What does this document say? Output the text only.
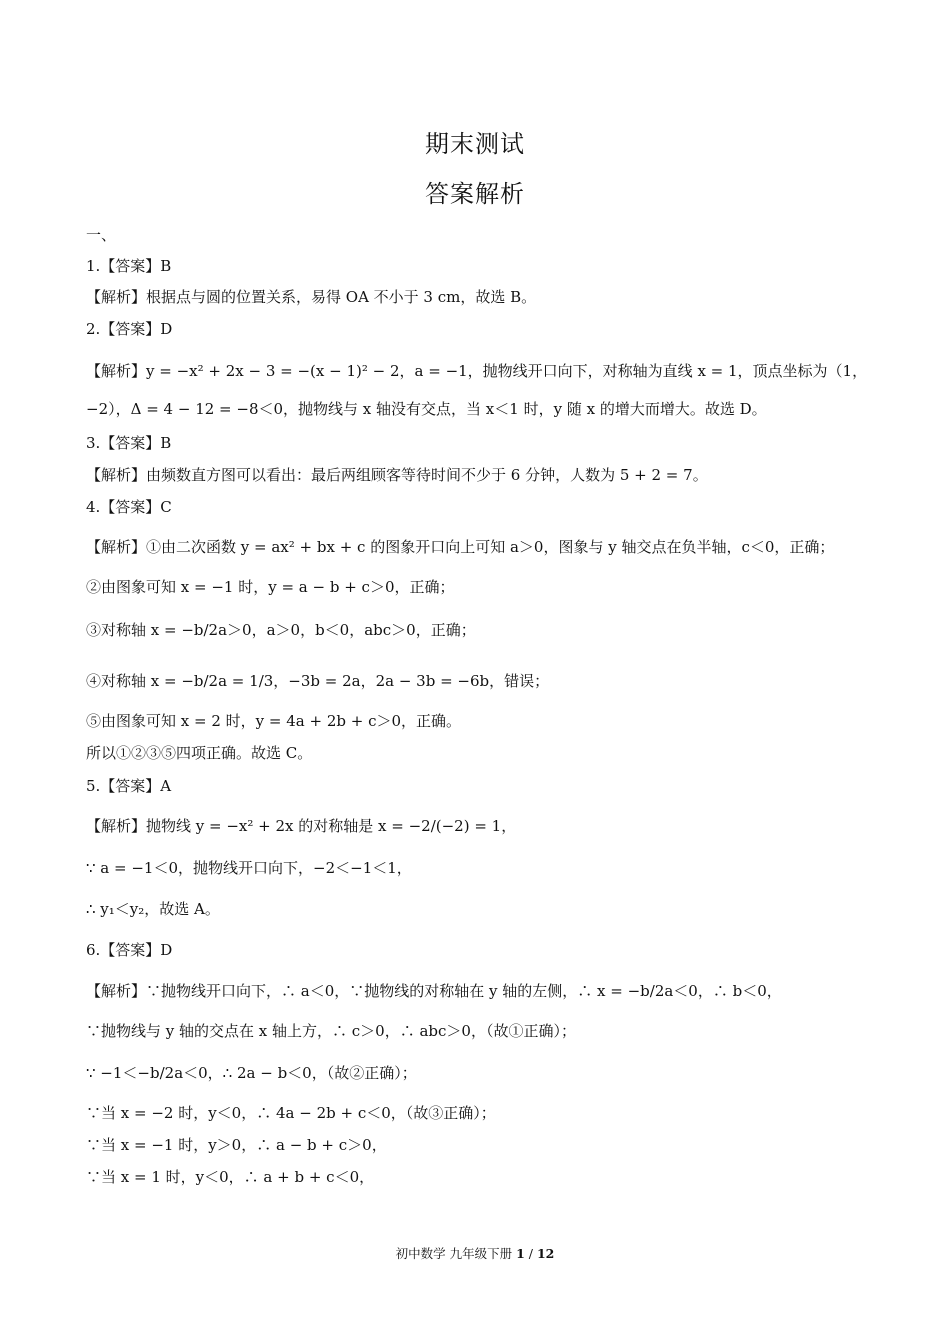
期末测试
答案解析
一、
1.【答案】B
【解析】根据点与圆的位置关系，易得 OA 不小于 3 cm，故选 B。
2.【答案】D
【解析】y = −x² + 2x − 3 = −(x − 1)² − 2，a = −1，抛物线开口向下，对称轴为直线 x = 1，顶点坐标为（1，
−2），Δ = 4 − 12 = −8＜0，抛物线与 x 轴没有交点，当 x＜1 时，y 随 x 的增大而增大。故选 D。
3.【答案】B
【解析】由频数直方图可以看出：最后两组顾客等待时间不少于 6 分钟，人数为 5 + 2 = 7。
4.【答案】C
【解析】①由二次函数 y = ax² + bx + c 的图象开口向上可知 a＞0，图象与 y 轴交点在负半轴，c＜0，正确；
②由图象可知 x = −1 时，y = a − b + c＞0，正确；
③对称轴 x = −b/2a＞0，a＞0，b＜0，abc＞0，正确；
④对称轴 x = −b/2a = 1/3，−3b = 2a，2a − 3b = −6b，错误；
⑤由图象可知 x = 2 时，y = 4a + 2b + c＞0，正确。
所以①②③⑤四项正确。故选 C。
5.【答案】A
【解析】抛物线 y = −x² + 2x 的对称轴是 x = −2/(−2) = 1，
∵ a = −1＜0，抛物线开口向下，−2＜−1＜1，
∴ y₁＜y₂，故选 A。
6.【答案】D
【解析】∵抛物线开口向下，∴ a＜0，∵抛物线的对称轴在 y 轴的左侧，∴ x = −b/2a＜0，∴ b＜0，
∵抛物线与 y 轴的交点在 x 轴上方，∴ c＞0，∴ abc＞0，（故①正确）；
∵ −1＜−b/2a＜0，∴ 2a − b＜0，（故②正确）；
∵当 x = −2 时，y＜0，∴ 4a − 2b + c＜0，（故③正确）；
∵当 x = −1 时，y＞0，∴ a − b + c＞0，
∵当 x = 1 时，y＜0，∴ a + b + c＜0，
初中数学 九年级下册 1 / 12
